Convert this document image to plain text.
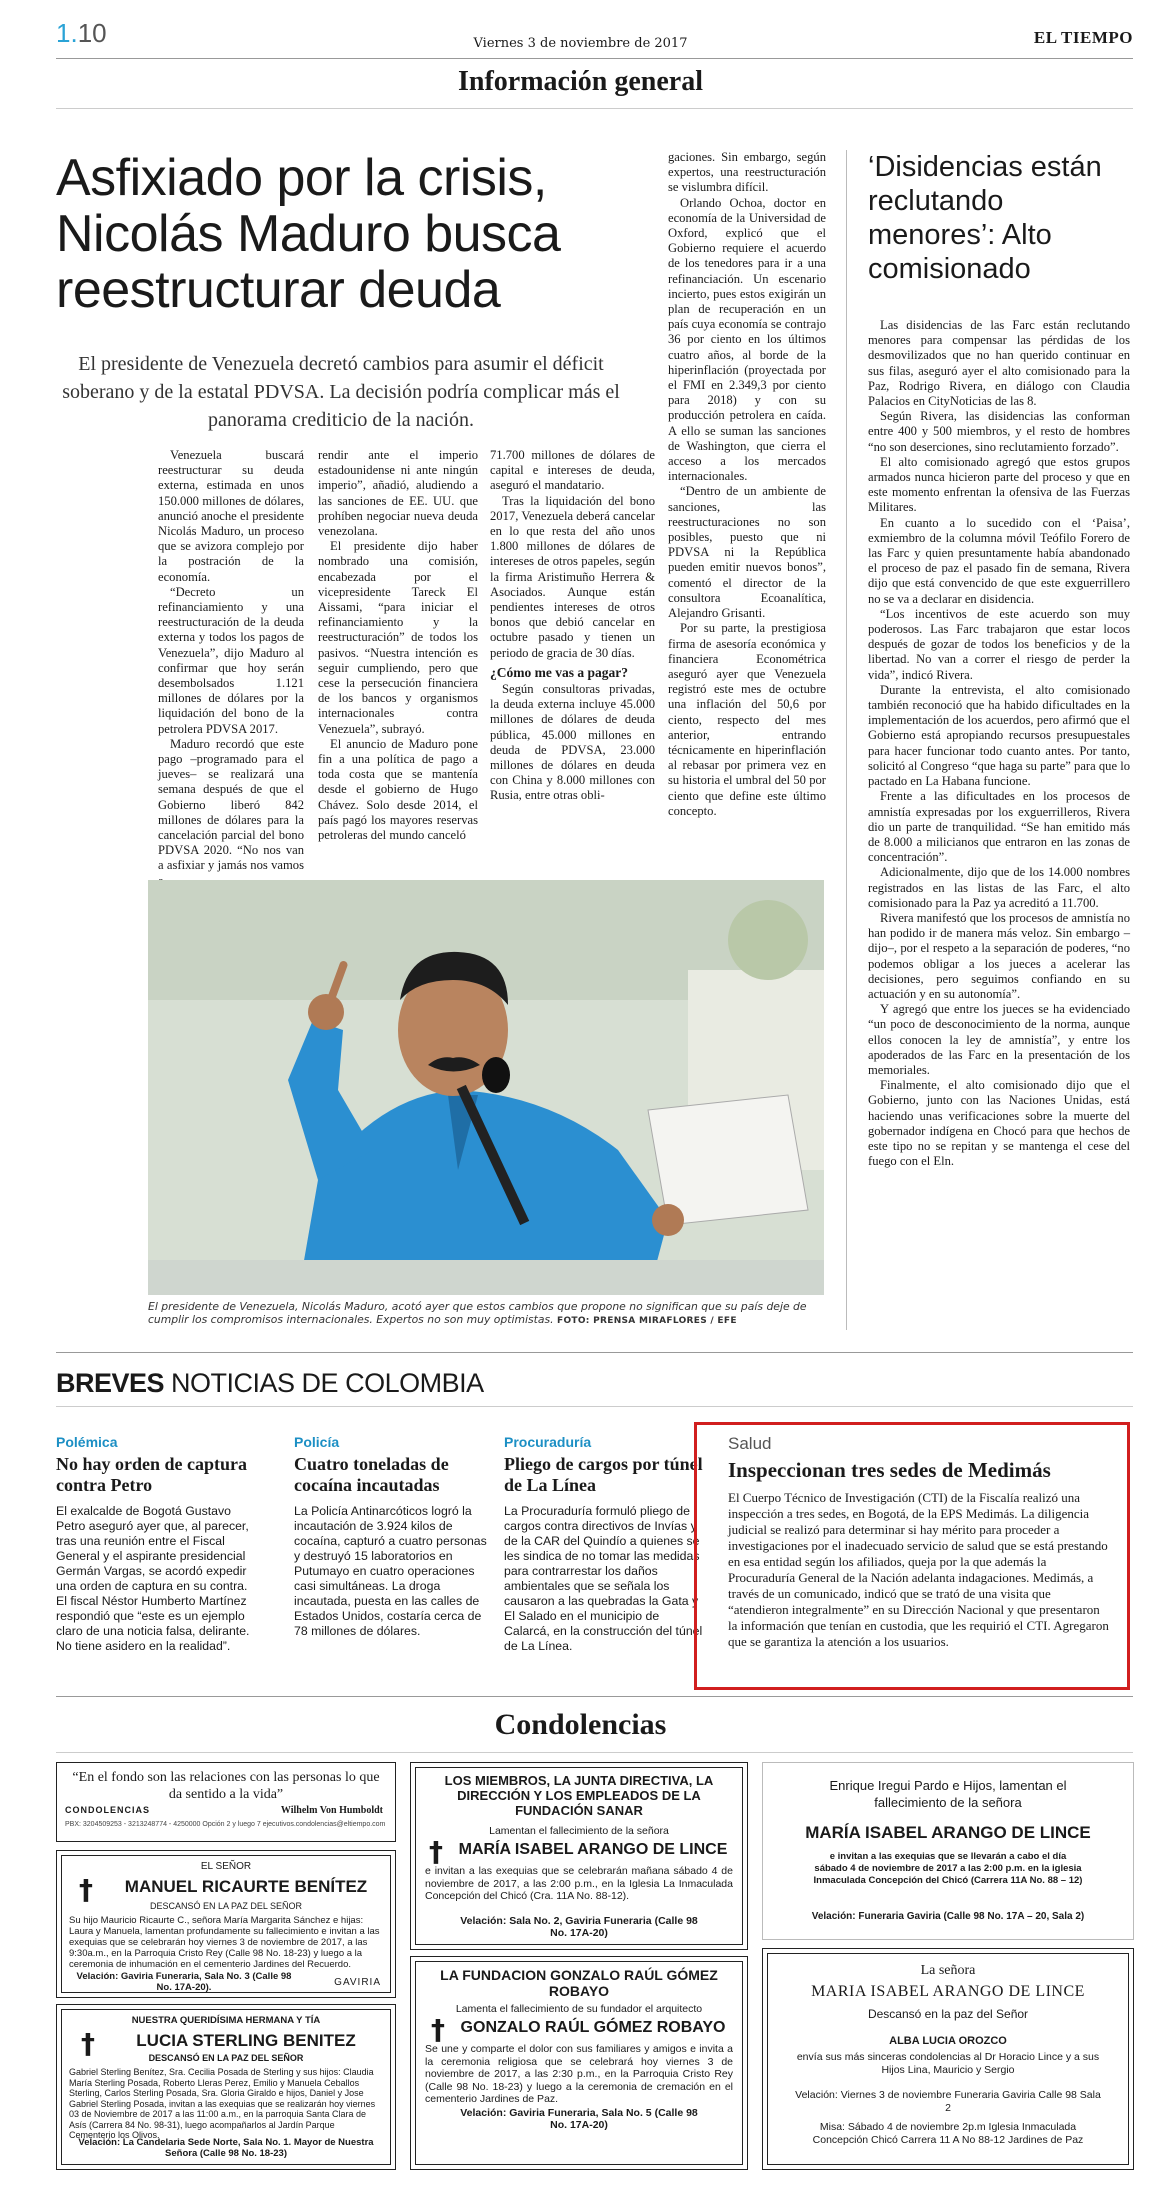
1.10	Viernes 3 de noviembre de 2017	EL TIEMPO
Información general
Asfixiado por la crisis, Nicolás Maduro busca reestructurar deuda
El presidente de Venezuela decretó cambios para asumir el déficit soberano y de la estatal PDVSA. La decisión podría complicar más el panorama crediticio de la nación.

Venezuela buscará reestructurar su deuda externa, estimada en unos 150.000 millones de dólares, anunció anoche el presidente Nicolás Maduro, un proceso que se avizora complejo por la postración de la economía.

“Decreto un refinanciamiento y una reestructuración de la deuda externa y todos los pagos de Venezuela”, dijo Maduro al confirmar que hoy serán desembolsados 1.121 millones de dólares por la liquidación del bono de la petrolera PDVSA 2017.

Maduro recordó que este pago –programado para el jueves– se realizará una semana después de que el Gobierno liberó 842 millones de dólares para la cancelación parcial del bono PDVSA 2020. “No nos van a asfixiar y jamás nos vamos

rendir ante el imperio estadounidense ni ante ningún imperio”, añadió, aludiendo a las sanciones de EE. UU. que prohíben negociar nueva deuda venezolana.

El presidente dijo haber nombrado una comisión, encabezada por el vicepresidente Tareck El Aissami, “para iniciar el refinanciamiento y la reestructuración” de todos los pasivos. “Nuestra intención es seguir cumpliendo, pero que cese la persecución financiera de los bancos y organismos internacionales contra Venezuela”, subrayó.

El anuncio de Maduro pone fin a una política de pago a toda costa que se mantenía desde el gobierno de Hugo Chávez. Solo desde 2014, el país pagó los mayores reservas petroleras del mundo canceló

71.700 millones de dólares de capital e intereses de deuda, aseguró el mandatario.

Tras la liquidación del bono 2017, Venezuela deberá cancelar en lo que resta del año unos 1.800 millones de dólares de intereses de otros papeles, según la firma Aristimuño Herrera & Asociados. Aunque están pendientes intereses de otros bonos que debió cancelar en octubre pasado y tienen un periodo de gracia de 30 días.

¿Cómo me vas a pagar?

Según consultoras privadas, la deuda externa incluye 45.000 millones de dólares de deuda pública, 45.000 millones en deuda de PDVSA, 23.000 millones de dólares en deuda con China y 8.000 millones con Rusia, entre otras obli-

gaciones. Sin embargo, según expertos, una reestructuración se vislumbra difícil.

Orlando Ochoa, doctor en economía de la Universidad de Oxford, explicó que el Gobierno requiere el acuerdo de los tenedores para ir a una refinanciación. Un escenario incierto, pues estos exigirán un plan de recuperación en un país cuya economía se contrajo 36 por ciento en los últimos cuatro años, al borde de la hiperinflación (proyectada por el FMI en 2.349,3 por ciento para 2018) y con su producción petrolera en caída. A ello se suman las sanciones de Washington, que cierra el acceso a los mercados internacionales.

“Dentro de un ambiente de sanciones, las reestructuraciones no son posibles, puesto que ni PDVSA ni la República pueden emitir nuevos bonos”, comentó el director de la consultora Ecoanalítica, Alejandro Grisanti.

Por su parte, la prestigiosa firma de asesoría económica y financiera Econométrica aseguró ayer que Venezuela registró este mes de octubre una inflación del 50,6 por ciento, respecto del mes anterior, entrando técnicamente en hiperinflación al rebasar por primera vez en su historia el umbral del 50 por ciento que define este último concepto.

El presidente de Venezuela, Nicolás Maduro, acotó ayer que estos cambios que propone no significan que su país deje de cumplir los compromisos internacionales. Expertos no son muy optimistas. FOTO: PRENSA MIRAFLORES / EFE
‘Disidencias están reclutando menores’: Alto comisionado

Las disidencias de las Farc están reclutando menores para compensar las pérdidas de los desmovilizados que no han querido continuar en sus filas, aseguró ayer el alto comisionado para la Paz, Rodrigo Rivera, en diálogo con Claudia Palacios en CityNoticias de las 8.

Según Rivera, las disidencias las conforman entre 400 y 500 miembros, y el resto de hombres “no son deserciones, sino reclutamiento forzado”.

El alto comisionado agregó que estos grupos armados nunca hicieron parte del proceso y que en este momento enfrentan la ofensiva de las Fuerzas Militares.

En cuanto a lo sucedido con el ‘Paisa’, exmiembro de la columna móvil Teófilo Forero de las Farc y quien presuntamente había abandonado el proceso de paz el pasado fin de semana, Rivera dijo que está convencido de que este exguerrillero no se va a declarar en disidencia.

“Los incentivos de este acuerdo son muy poderosos. Las Farc trabajaron que estar locos después de gozar de todos los beneficios y de la libertad. No van a correr el riesgo de perder la vida”, indicó Rivera.

Durante la entrevista, el alto comisionado también reconoció que ha habido dificultades en la implementación de los acuerdos, pero afirmó que el Gobierno está apropiando recursos presupuestales para hacer funcionar todo cuanto antes. Por tanto, solicitó al Congreso “que haga su parte” para que lo pactado en La Habana funcione.

Frente a las dificultades en los procesos de amnistía expresadas por los exguerrilleros, Rivera dio un parte de tranquilidad. “Se han emitido más de 8.000 a milicianos que entraron en las zonas de concentración”.

Adicionalmente, dijo que de los 14.000 nombres registrados en las listas de las Farc, el alto comisionado para la Paz ya acreditó a 11.700.

Rivera manifestó que los procesos de amnistía no han podido ir de manera más veloz. Sin embargo –dijo–, por el respeto a la separación de poderes, “no podemos obligar a los jueces a acelerar las decisiones, pero seguimos confiando en su actuación y en su autonomía”.

Y agregó que entre los jueces se ha evidenciado “un poco de desconocimiento de la norma, aunque ellos conocen la ley de amnistía”, y entre los apoderados de las Farc en la presentación de los memoriales.

Finalmente, el alto comisionado dijo que el Gobierno, junto con las Naciones Unidas, está haciendo unas verificaciones sobre la muerte del gobernador indígena en Chocó para que hechos de este tipo no se repitan y se mantenga el cese del fuego con el Eln.

BREVES NOTICIAS DE COLOMBIA
Polémica
No hay orden de captura contra Petro
El exalcalde de Bogotá Gustavo Petro aseguró ayer que, al parecer, tras una reunión entre el Fiscal General y el aspirante presidencial Germán Vargas, se acordó expedir una orden de captura en su contra. El fiscal Néstor Humberto Martínez respondió que “este es un ejemplo claro de una noticia falsa, delirante. No tiene asidero en la realidad”.
Policía
Cuatro toneladas de cocaína incautadas
La Policía Antinarcóticos logró la incautación de 3.924 kilos de cocaína, capturó a cuatro personas y destruyó 15 laboratorios en Putumayo en cuatro operaciones casi simultáneas. La droga incautada, puesta en las calles de Estados Unidos, costaría cerca de 78 millones de dólares.
Procuraduría
Pliego de cargos por túnel de La Línea
La Procuraduría formuló pliego de cargos contra directivos de Invías y de la CAR del Quindío a quienes se les sindica de no tomar las medidas para contrarrestar los daños ambientales que se señala los causaron a las quebradas la Gata y El Salado en el municipio de Calarcá, en la construcción del túnel de La Línea.
Salud
Inspeccionan tres sedes de Medimás
El Cuerpo Técnico de Investigación (CTI) de la Fiscalía realizó una inspección a tres sedes, en Bogotá, de la EPS Medimás. La diligencia judicial se realizó para determinar si hay mérito para proceder a investigaciones por el inadecuado servicio de salud que se está prestando en esa entidad según los afiliados, queja por la que además la Procuraduría General de la Nación adelanta indagaciones. Medimás, a través de un comunicado, indicó que se trató de una visita que “atendieron integralmente” en su Dirección Nacional y que presentaron la información que tenían en custodia, que les requirió el CTI. Agregaron que se garantiza la atención a los usuarios.
Condolencias
“En el fondo son las relaciones con las personas lo que da sentido a la vida”
Wilhelm Von Humboldt
CONDOLENCIAS
PBX: 3204509253 - 3213248774 - 4250000 Opción 2 y luego 7 ejecutivos.condolencias@eltiempo.com
EL SEÑOR
†	MANUEL RICAURTE BENÍTEZ
DESCANSÓ EN LA PAZ DEL SEÑOR
Su hijo Mauricio Ricaurte C., señora María Margarita Sánchez e hijas: Laura y Manuela, lamentan profundamente su fallecimiento e invitan a las exequias que se celebrarán hoy viernes 3 de noviembre de 2017, a las 9:30a.m., en la Parroquia Cristo Rey (Calle 98 No. 18-23) y luego a la ceremonia de inhumación en el cementerio Jardines del Recuerdo.
Velación: Gaviria Funeraria, Sala No. 3 (Calle 98 No. 17A-20).	GAVIRIA
NUESTRA QUERIDÍSIMA HERMANA Y TÍA
†	LUCIA STERLING BENITEZ
DESCANSÓ EN LA PAZ DEL SEÑOR
Gabriel Sterling Benítez, Sra. Cecilia Posada de Sterling y sus hijos: Claudia María Sterling Posada, Roberto Lleras Perez, Emilio y Manuela Ceballos Sterling, Carlos Sterling Posada, Sra. Gloria Giraldo e hijos, Daniel y Jose Gabriel Sterling Posada, invitan a las exequias que se realizarán hoy viernes 03 de Noviembre de 2017 a las 11:00 a.m., en la parroquia Santa Clara de Asís (Carrera 84 No. 98-31), luego acompañarlos al Jardín Parque Cementerio los Olivos.
Velación: La Candelaria Sede Norte, Sala No. 1. Mayor de Nuestra Señora (Calle 98 No. 18-23)
LOS MIEMBROS, LA JUNTA DIRECTIVA, LA DIRECCIÓN Y LOS EMPLEADOS DE LA FUNDACIÓN SANAR
Lamentan el fallecimiento de la señora
† MARÍA ISABEL ARANGO DE LINCE
e invitan a las exequias que se celebrarán mañana sábado 4 de noviembre de 2017, a las 2:00 p.m., en la Iglesia La Inmaculada Concepción del Chicó (Cra. 11A No. 88-12).
Velación: Sala No. 2, Gaviria Funeraria (Calle 98 No. 17A-20)
LA FUNDACION GONZALO RAÚL GÓMEZ ROBAYO
Lamenta el fallecimiento de su fundador el arquitecto
† GONZALO RAÚL GÓMEZ ROBAYO
Se une y comparte el dolor con sus familiares y amigos e invita a la ceremonia religiosa que se celebrará hoy viernes 3 de noviembre de 2017, a las 2:30 p.m., en la Parroquia Cristo Rey (Calle 98 No. 18-23) y luego a la ceremonia de cremación en el cementerio Jardines de Paz.
Velación: Gaviria Funeraria, Sala No. 5 (Calle 98 No. 17A-20)
Enrique Iregui Pardo e Hijos, lamentan el fallecimiento de la señora
MARÍA ISABEL ARANGO DE LINCE
e invitan a las exequias que se llevarán a cabo el día sábado 4 de noviembre de 2017 a las 2:00 p.m. en la iglesia Inmaculada Concepción del Chicó (Carrera 11A No. 88 – 12)
Velación: Funeraria Gaviria (Calle 98 No. 17A – 20, Sala 2)
La señora
MARIA ISABEL ARANGO DE LINCE
Descansó en la paz del Señor
ALBA LUCIA OROZCO
envía sus más sinceras condolencias al Dr Horacio Lince y a sus Hijos Lina, Mauricio y Sergio
Velación: Viernes 3 de noviembre Funeraria Gaviria Calle 98 Sala 2
Misa: Sábado 4 de noviembre 2p.m Iglesia Inmaculada Concepción Chicó Carrera 11 A No 88-12 Jardines de Paz
